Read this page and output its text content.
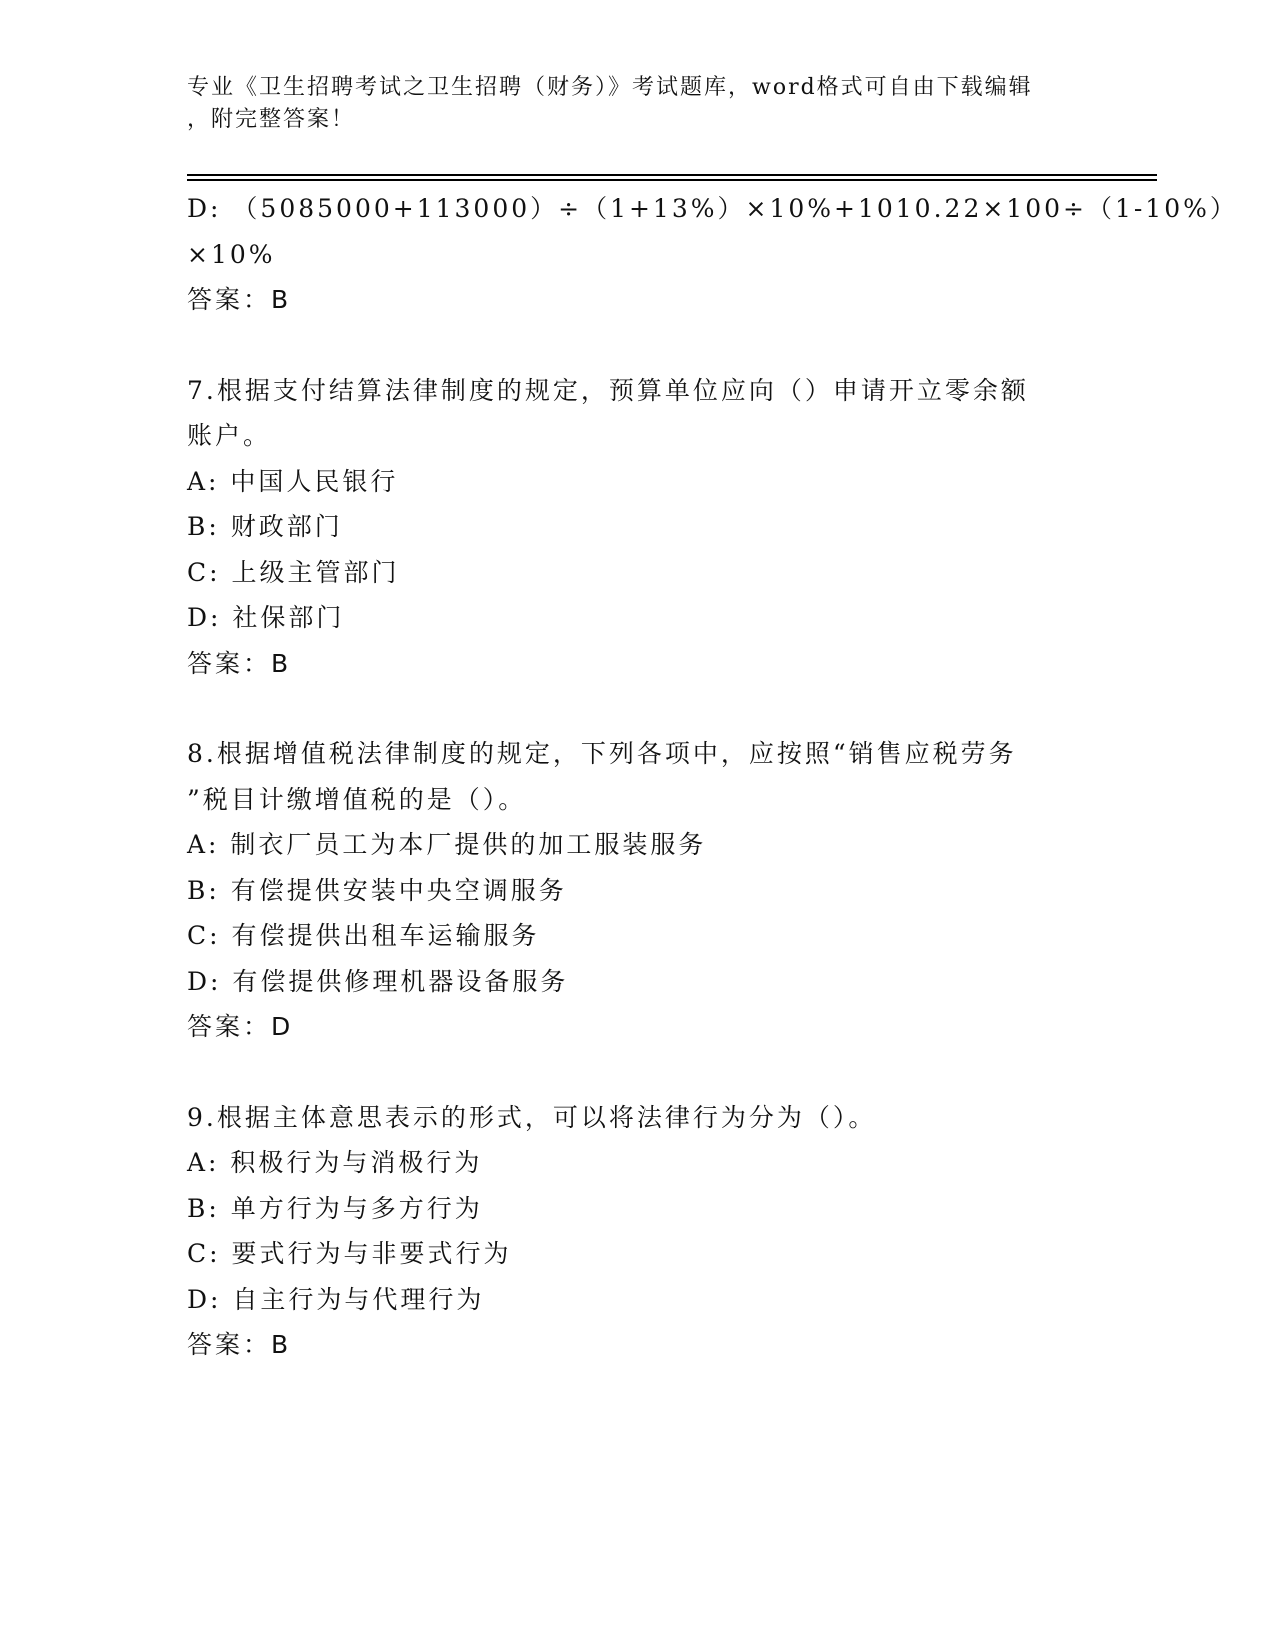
专业《卫生招聘考试之卫生招聘（财务）》考试题库，word格式可自由下载编辑
，附完整答案！
D: （5085000+113000）÷（1+13%）×10%+1010.22×100÷（1-10%）
×10%
答案：B
7.根据支付结算法律制度的规定，预算单位应向（）申请开立零余额
账户。
A: 中国人民银行
B: 财政部门
C: 上级主管部门
D: 社保部门
答案：B
8.根据增值税法律制度的规定，下列各项中，应按照“销售应税劳务
”税目计缴增值税的是（）。
A: 制衣厂员工为本厂提供的加工服装服务
B: 有偿提供安装中央空调服务
C: 有偿提供出租车运输服务
D: 有偿提供修理机器设备服务
答案：D
9.根据主体意思表示的形式，可以将法律行为分为（）。
A: 积极行为与消极行为
B: 单方行为与多方行为
C: 要式行为与非要式行为
D: 自主行为与代理行为
答案：B
